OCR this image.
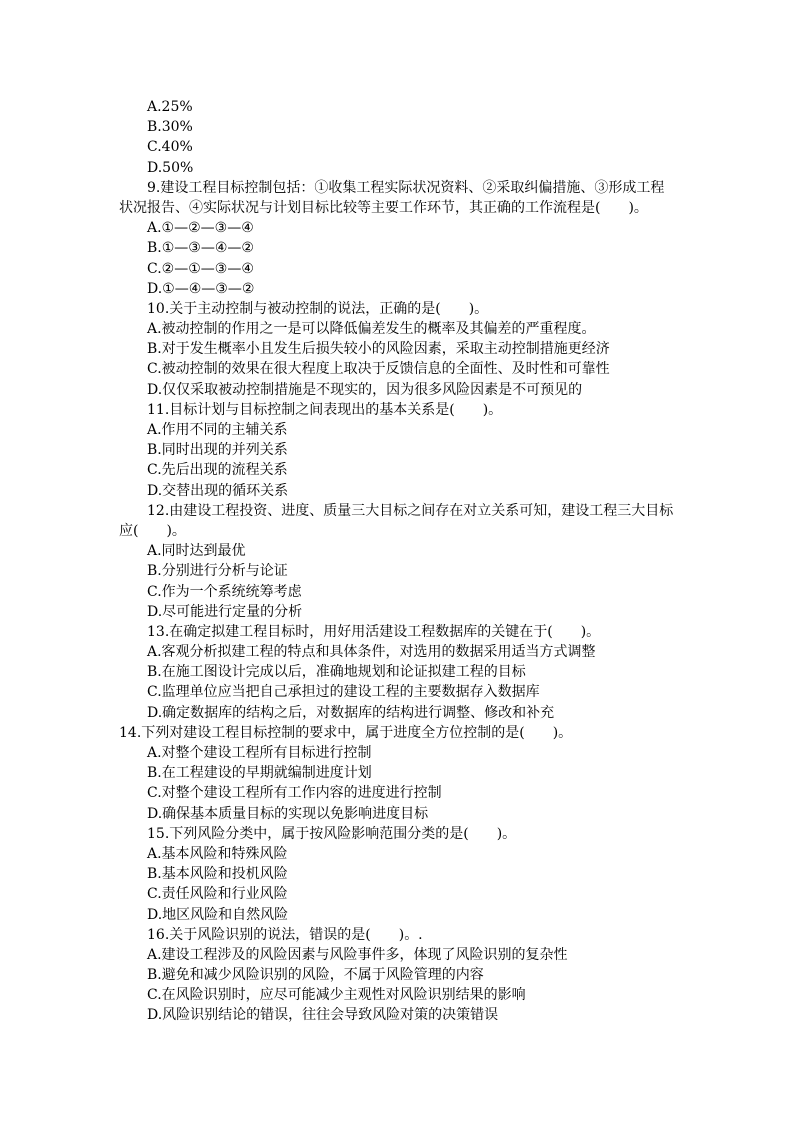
A.25%
B.30%
C.40%
D.50%
9.建设工程目标控制包括：①收集工程实际状况资料、②采取纠偏措施、③形成工程
状况报告、④实际状况与计划目标比较等主要工作环节，其正确的工作流程是(　　)。
A.①—②—③—④
B.①—③—④—②
C.②—①—③—④
D.①—④—③—②
10.关于主动控制与被动控制的说法，正确的是(　　)。
A.被动控制的作用之一是可以降低偏差发生的概率及其偏差的严重程度。
B.对于发生概率小且发生后损失较小的风险因素，采取主动控制措施更经济
C.被动控制的效果在很大程度上取决于反馈信息的全面性、及时性和可靠性
D.仅仅采取被动控制措施是不现实的，因为很多风险因素是不可预见的
11.目标计划与目标控制之间表现出的基本关系是(　　)。
A.作用不同的主辅关系
B.同时出现的并列关系
C.先后出现的流程关系
D.交替出现的循环关系
12.由建设工程投资、进度、质量三大目标之间存在对立关系可知，建设工程三大目标
应(　　)。
A.同时达到最优
B.分别进行分析与论证
C.作为一个系统统筹考虑
D.尽可能进行定量的分析
13.在确定拟建工程目标时，用好用活建设工程数据库的关键在于(　　)。
A.客观分析拟建工程的特点和具体条件，对选用的数据采用适当方式调整
B.在施工图设计完成以后，准确地规划和论证拟建工程的目标
C.监理单位应当把自己承担过的建设工程的主要数据存入数据库
D.确定数据库的结构之后，对数据库的结构进行调整、修改和补充
14.下列对建设工程目标控制的要求中，属于进度全方位控制的是(　　)。
A.对整个建设工程所有目标进行控制
B.在工程建设的早期就编制进度计划
C.对整个建设工程所有工作内容的进度进行控制
D.确保基本质量目标的实现以免影响进度目标
15.下列风险分类中，属于按风险影响范围分类的是(　　)。
A.基本风险和特殊风险
B.基本风险和投机风险
C.责任风险和行业风险
D.地区风险和自然风险
16.关于风险识别的说法，错误的是(　　)。.
A.建设工程涉及的风险因素与风险事件多，体现了风险识别的复杂性
B.避免和减少风险识别的风险，不属于风险管理的内容
C.在风险识别时，应尽可能减少主观性对风险识别结果的影响
D.风险识别结论的错误，往往会导致风险对策的决策错误
